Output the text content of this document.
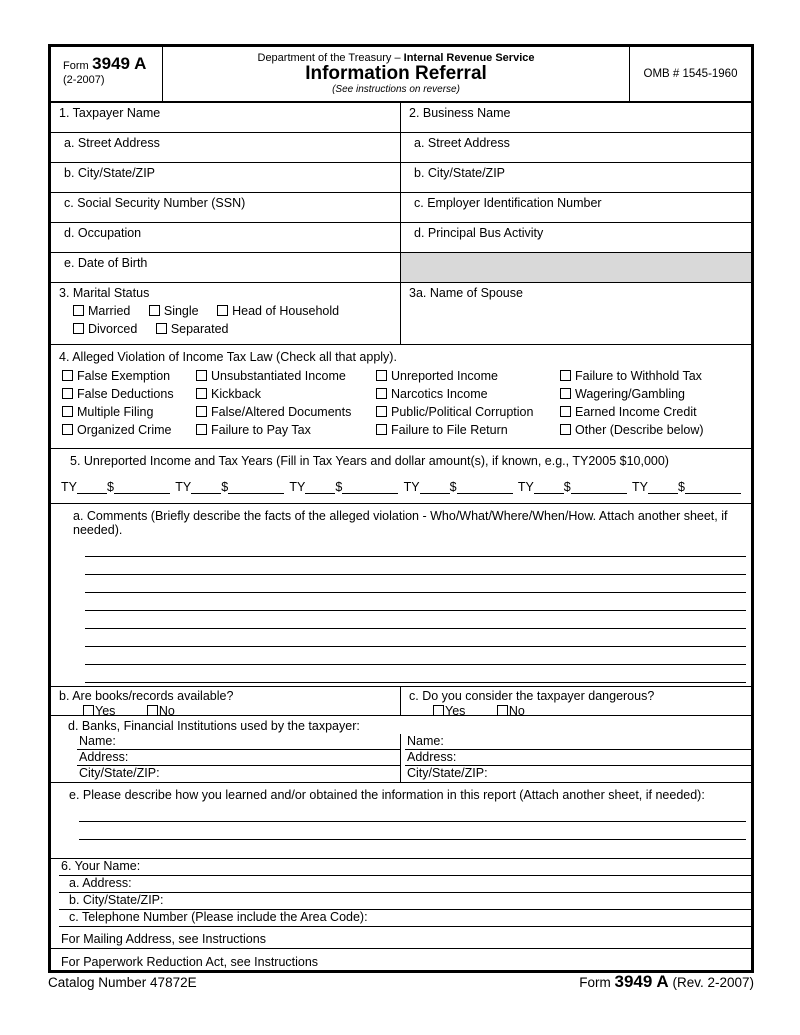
Form 3949 A
(2-2007)
Department of the Treasury – Internal Revenue Service
Information Referral
(See instructions on reverse)
OMB # 1545-1960
1. Taxpayer Name	2. Business Name
a. Street Address	a. Street Address
b. City/State/ZIP	b. City/State/ZIP
c. Social Security Number (SSN)	c. Employer Identification Number
d. Occupation	d. Principal Bus Activity
e. Date of Birth
3. Marital Status
Married	Single	Head of Household
Divorced	Separated
3a. Name of Spouse
4. Alleged Violation of Income Tax Law (Check all that apply).
False Exemption	Unsubstantiated Income	Unreported Income	Failure to Withhold Tax
False Deductions	Kickback	Narcotics Income	Wagering/Gambling
Multiple Filing	False/Altered Documents	Public/Political Corruption	Earned Income Credit
Organized Crime	Failure to Pay Tax	Failure to File Return	Other (Describe below)
5. Unreported Income and Tax Years (Fill in Tax Years and dollar amount(s), if known, e.g., TY2005 $10,000)
TY $	TY $	TY $	TY $	TY $	TY $
a. Comments (Briefly describe the facts of the alleged violation - Who/What/Where/When/How. Attach another sheet, if needed).
b. Are books/records available?
Yes	No
c. Do you consider the taxpayer dangerous?
Yes	No
d. Banks, Financial Institutions used by the taxpayer:
Name:
Address:
City/State/ZIP:
Name:
Address:
City/State/ZIP:
e. Please describe how you learned and/or obtained the information in this report (Attach another sheet, if needed):
6. Your Name:
a. Address:
b. City/State/ZIP:
c. Telephone Number (Please include the Area Code):
For Mailing Address, see Instructions
For Paperwork Reduction Act, see Instructions
Catalog Number 47872E	Form 3949 A (Rev. 2-2007)
